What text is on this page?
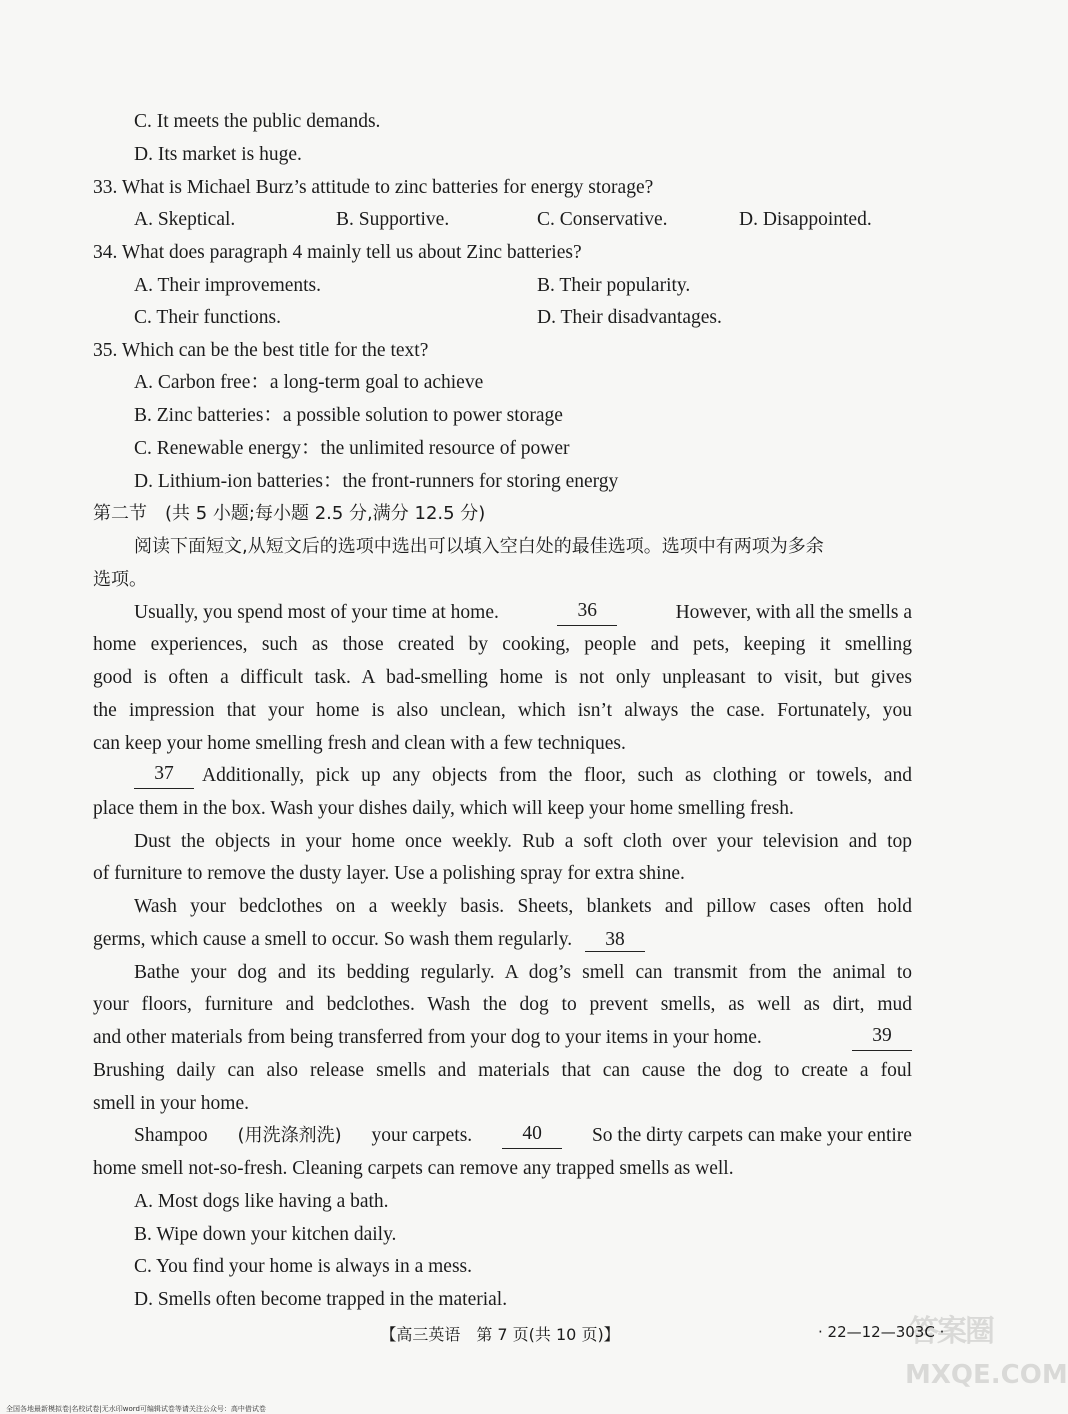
C. It meets the public demands.
D. Its market is huge.
33. What is Michael Burz’s attitude to zinc batteries for energy storage?
A. Skeptical.	B. Supportive.	C. Conservative.	D. Disappointed.
34. What does paragraph 4 mainly tell us about Zinc batteries?
A. Their improvements.	B. Their popularity.
C. Their functions.	D. Their disadvantages.
35. Which can be the best title for the text?
A. Carbon free：a long-term goal to achieve
B. Zinc batteries：a possible solution to power storage
C. Renewable energy：the unlimited resource of power
D. Lithium-ion batteries：the front-runners for storing energy
第二节　(共 5 小题;每小题 2.5 分,满分 12.5 分)
阅读下面短文,从短文后的选项中选出可以填入空白处的最佳选项。选项中有两项为多余
选项。
Usually, you spend most of your time at home.	36	However, with all the smells a
home experiences, such as those created by cooking, people and pets, keeping it smelling
good is often a difficult task. A bad-smelling home is not only unpleasant to visit, but gives
the impression that your home is also unclean, which isn’t always the case. Fortunately, you
can keep your home smelling fresh and clean with a few techniques.
37	Additionally, pick up any objects from the floor, such as clothing or towels, and
place them in the box. Wash your dishes daily, which will keep your home smelling fresh.
Dust the objects in your home once weekly. Rub a soft cloth over your television and top
of furniture to remove the dusty layer. Use a polishing spray for extra shine.
Wash your bedclothes on a weekly basis. Sheets, blankets and pillow cases often hold
germs, which cause a smell to occur. So wash them regularly. 38
Bathe your dog and its bedding regularly. A dog’s smell can transmit from the animal to
your floors, furniture and bedclothes. Wash the dog to prevent smells, as well as dirt, mud
and other materials from being transferred from your dog to your items in your home.	39
Brushing daily can also release smells and materials that can cause the dog to create a foul
smell in your home.
Shampoo (用洗涤剂洗) your carpets.	40	So the dirty carpets can make your entire
home smell not-so-fresh. Cleaning carpets can remove any trapped smells as well.
A. Most dogs like having a bath.
B. Wipe down your kitchen daily.
C. You find your home is always in a mess.
D. Smells often become trapped in the material.
【高三英语　第 7 页(共 10 页)】	· 22—12—303C ·
答案圈
MXQE.COM
全国各地最新模拟卷|名校试卷|无水印word可编辑试卷等请关注公众号：高中借试卷
